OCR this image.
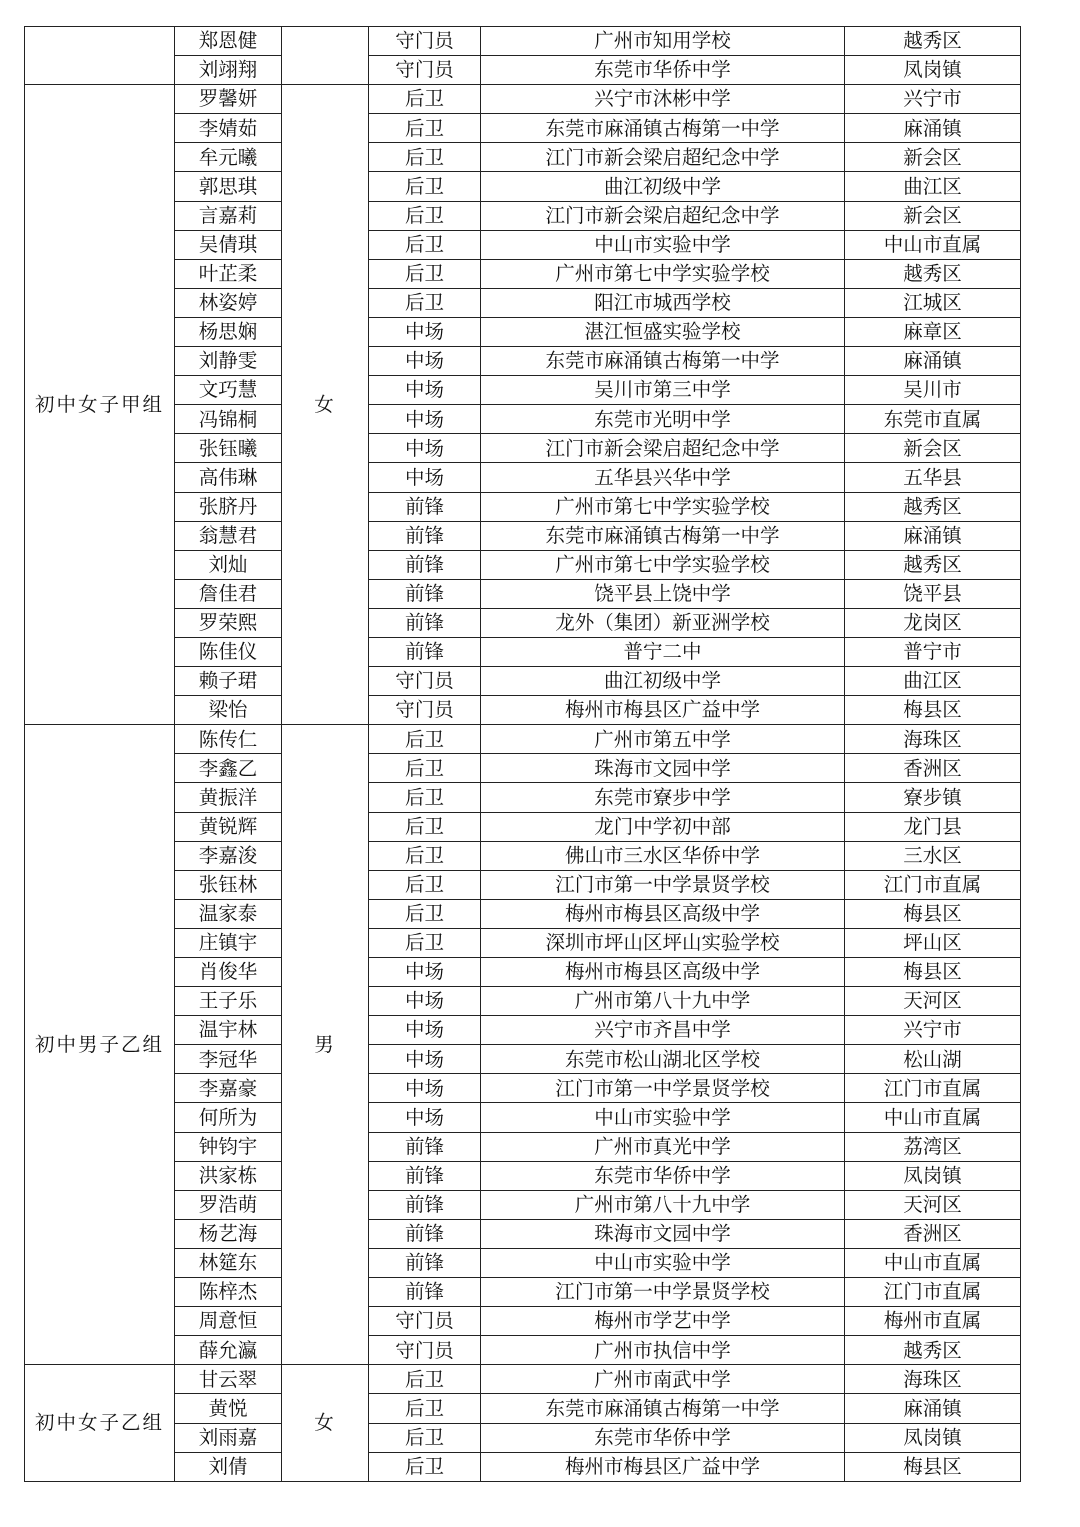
	郑恩健		守门员	广州市知用学校	越秀区
	刘翊翔		守门员	东莞市华侨中学	凤岗镇
初中女子甲组	罗馨妍	女	后卫	兴宁市沐彬中学	兴宁市
	李婧茹		后卫	东莞市麻涌镇古梅第一中学	麻涌镇
	牟元曦		后卫	江门市新会梁启超纪念中学	新会区
	郭思琪		后卫	曲江初级中学	曲江区
	言嘉莉		后卫	江门市新会梁启超纪念中学	新会区
	吴倩琪		后卫	中山市实验中学	中山市直属
	叶芷柔		后卫	广州市第七中学实验学校	越秀区
	林姿婷		后卫	阳江市城西学校	江城区
	杨思娴		中场	湛江恒盛实验学校	麻章区
	刘静雯		中场	东莞市麻涌镇古梅第一中学	麻涌镇
	文巧慧		中场	吴川市第三中学	吴川市
	冯锦桐		中场	东莞市光明中学	东莞市直属
	张钰曦		中场	江门市新会梁启超纪念中学	新会区
	高伟琳		中场	五华县兴华中学	五华县
	张脐丹		前锋	广州市第七中学实验学校	越秀区
	翁慧君		前锋	东莞市麻涌镇古梅第一中学	麻涌镇
	刘灿		前锋	广州市第七中学实验学校	越秀区
	詹佳君		前锋	饶平县上饶中学	饶平县
	罗荣熙		前锋	龙外（集团）新亚洲学校	龙岗区
	陈佳仪		前锋	普宁二中	普宁市
	赖子珺		守门员	曲江初级中学	曲江区
	梁怡		守门员	梅州市梅县区广益中学	梅县区
初中男子乙组	陈传仁	男	后卫	广州市第五中学	海珠区
	李鑫乙		后卫	珠海市文园中学	香洲区
	黄振洋		后卫	东莞市寮步中学	寮步镇
	黄锐辉		后卫	龙门中学初中部	龙门县
	李嘉浚		后卫	佛山市三水区华侨中学	三水区
	张钰林		后卫	江门市第一中学景贤学校	江门市直属
	温家泰		后卫	梅州市梅县区高级中学	梅县区
	庄镇宇		后卫	深圳市坪山区坪山实验学校	坪山区
	肖俊华		中场	梅州市梅县区高级中学	梅县区
	王子乐		中场	广州市第八十九中学	天河区
	温宇林		中场	兴宁市齐昌中学	兴宁市
	李冠华		中场	东莞市松山湖北区学校	松山湖
	李嘉豪		中场	江门市第一中学景贤学校	江门市直属
	何所为		中场	中山市实验中学	中山市直属
	钟钧宇		前锋	广州市真光中学	荔湾区
	洪家栋		前锋	东莞市华侨中学	凤岗镇
	罗浩萌		前锋	广州市第八十九中学	天河区
	杨艺海		前锋	珠海市文园中学	香洲区
	林筵东		前锋	中山市实验中学	中山市直属
	陈梓杰		前锋	江门市第一中学景贤学校	江门市直属
	周意恒		守门员	梅州市学艺中学	梅州市直属
	薛允瀛		守门员	广州市执信中学	越秀区
初中女子乙组	甘云翠	女	后卫	广州市南武中学	海珠区
	黄悦		后卫	东莞市麻涌镇古梅第一中学	麻涌镇
	刘雨嘉		后卫	东莞市华侨中学	凤岗镇
	刘倩		后卫	梅州市梅县区广益中学	梅县区
